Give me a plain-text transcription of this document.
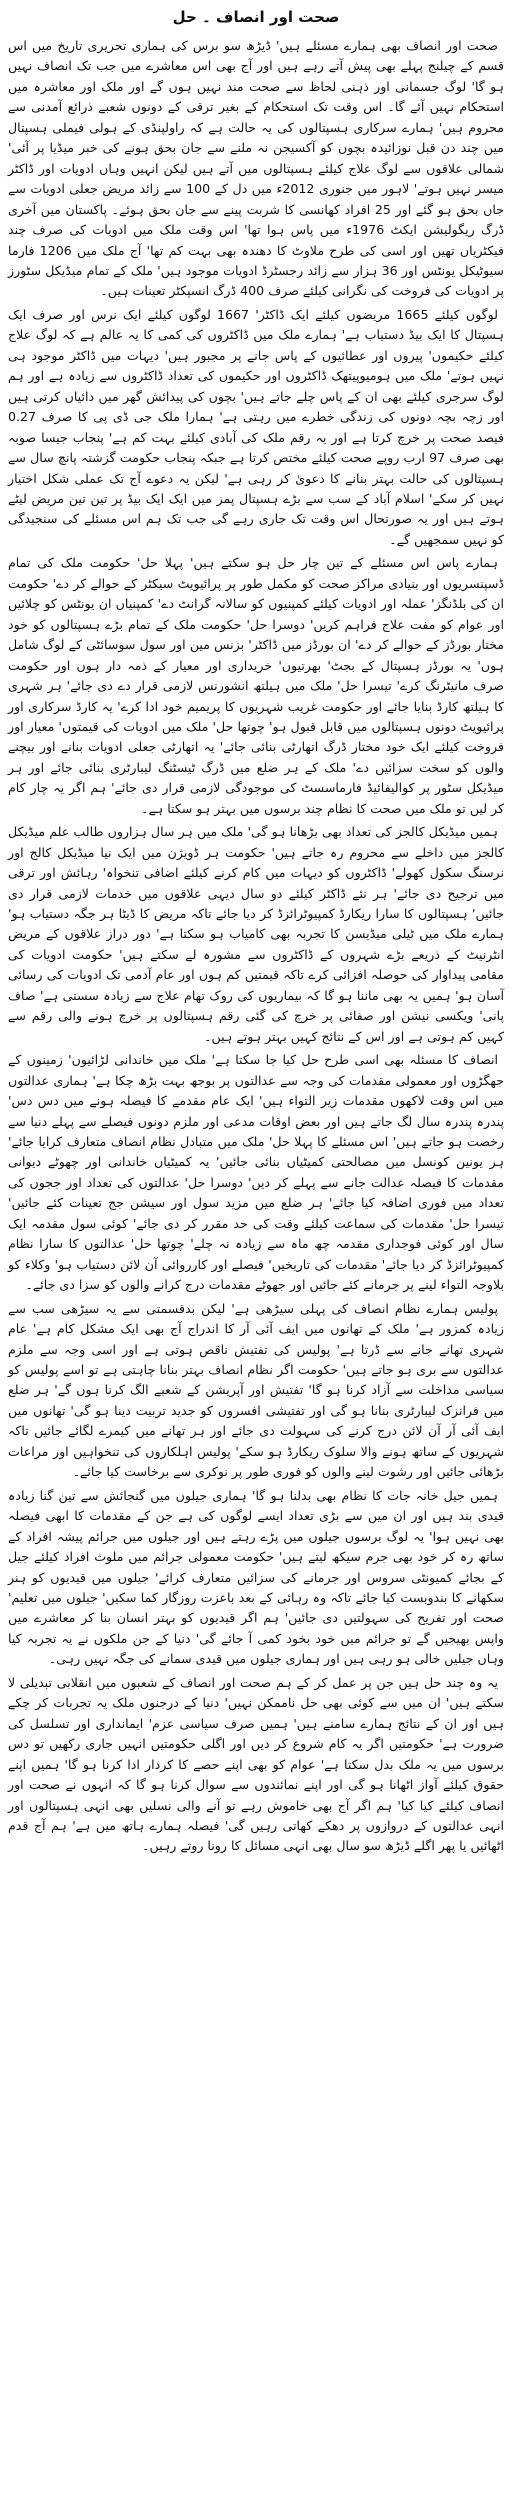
صحت اور انصاف ۔ حل

صحت اور انصاف بھی ہمارے مسئلے ہیں' ڈیڑھ سو برس کی ہماری تحریری تاریخ میں اس قسم کے چیلنج پہلے بھی پیش آتے رہے ہیں اور آج بھی اس معاشرے میں جب تک انصاف نہیں ہو گا' لوگ جسمانی اور ذہنی لحاظ سے صحت مند نہیں ہوں گے اور ملک اور معاشرہ میں استحکام نہیں آئے گا۔ اس وقت تک استحکام کے بغیر ترقی کے دونوں شعبے ذرائع آمدنی سے محروم ہیں' ہمارے سرکاری ہسپتالوں کی یہ حالت ہے کہ راولپنڈی کے ہولی فیملی ہسپتال میں چند دن قبل نوزائیدہ بچوں کو آکسیجن نہ ملنے سے جان بحق ہونے کی خبر میڈیا پر آئی' شمالی علاقوں سے لوگ علاج کیلئے ہسپتالوں میں آتے ہیں لیکن انہیں وہاں ادویات اور ڈاکٹر میسر نہیں ہوتے' لاہور میں جنوری 2012ء میں دل کے 100 سے زائد مریض جعلی ادویات سے جاں بحق ہو گئے اور 25 افراد کھانسی کا شربت پینے سے جان بحق ہوئے۔ پاکستان میں آخری ڈرگ ریگولیشن ایکٹ 1976ء میں پاس ہوا تھا' اس وقت ملک میں ادویات کی صرف چند فیکٹریاں تھیں اور اسی کی طرح ملاوٹ کا دھندہ بھی بہت کم تھا' آج ملک میں 1206 فارما سیوٹیکل یونٹس اور 36 ہزار سے زائد رجسٹرڈ ادویات موجود ہیں' ملک کے تمام میڈیکل سٹورز پر ادویات کی فروخت کی نگرانی کیلئے صرف 400 ڈرگ انسپکٹر تعینات ہیں۔

لوگوں کیلئے 1665 مریضوں کیلئے ایک ڈاکٹر' 1667 لوگوں کیلئے ایک نرس اور صرف ایک ہسپتال کا ایک بیڈ دستیاب ہے' ہمارے ملک میں ڈاکٹروں کی کمی کا یہ عالم ہے کہ لوگ علاج کیلئے حکیموں' پیروں اور عطائیوں کے پاس جانے پر مجبور ہیں' دیہات میں ڈاکٹر موجود ہی نہیں ہوتے' ملک میں ہومیوپیتھک ڈاکٹروں اور حکیموں کی تعداد ڈاکٹروں سے زیادہ ہے اور ہم لوگ سرجری کیلئے بھی ان کے پاس چلے جاتے ہیں' بچوں کی پیدائش گھر میں دائیاں کرتی ہیں اور زچہ بچہ دونوں کی زندگی خطرے میں رہتی ہے' ہمارا ملک جی ڈی پی کا صرف 0.27 فیصد صحت پر خرچ کرتا ہے اور یہ رقم ملک کی آبادی کیلئے بہت کم ہے' پنجاب جیسا صوبہ بھی صرف 97 ارب روپے صحت کیلئے مختص کرتا ہے جبکہ پنجاب حکومت گزشتہ پانچ سال سے ہسپتالوں کی حالت بہتر بنانے کا دعویٰ کر رہی ہے' لیکن یہ دعوے آج تک عملی شکل اختیار نہیں کر سکے' اسلام آباد کے سب سے بڑے ہسپتال پمز میں ایک ایک بیڈ پر تین تین مریض لیٹے ہوتے ہیں اور یہ صورتحال اس وقت تک جاری رہے گی جب تک ہم اس مسئلے کی سنجیدگی کو نہیں سمجھیں گے۔

ہمارے پاس اس مسئلے کے تین چار حل ہو سکتے ہیں' پہلا حل' حکومت ملک کی تمام ڈسپنسریوں اور بنیادی مراکز صحت کو مکمل طور پر پرائیویٹ سیکٹر کے حوالے کر دے' حکومت ان کی بلڈنگز' عملہ اور ادویات کیلئے کمپنیوں کو سالانہ گرانٹ دے' کمپنیاں ان یونٹس کو چلائیں اور عوام کو مفت علاج فراہم کریں' دوسرا حل' حکومت ملک کے تمام بڑے ہسپتالوں کو خود مختار بورڈز کے حوالے کر دے' ان بورڈز میں ڈاکٹر' بزنس مین اور سول سوسائٹی کے لوگ شامل ہوں' یہ بورڈز ہسپتال کے بجٹ' بھرتیوں' خریداری اور معیار کے ذمہ دار ہوں اور حکومت صرف مانیٹرنگ کرے' تیسرا حل' ملک میں ہیلتھ انشورنس لازمی قرار دے دی جائے' ہر شہری کا ہیلتھ کارڈ بنایا جائے اور حکومت غریب شہریوں کا پریمیم خود ادا کرے' یہ کارڈ سرکاری اور پرائیویٹ دونوں ہسپتالوں میں قابل قبول ہو' چوتھا حل' ملک میں ادویات کی قیمتوں' معیار اور فروخت کیلئے ایک خود مختار ڈرگ اتھارٹی بنائی جائے' یہ اتھارٹی جعلی ادویات بنانے اور بیچنے والوں کو سخت سزائیں دے' ملک کے ہر ضلع میں ڈرگ ٹیسٹنگ لیبارٹری بنائی جائے اور ہر میڈیکل سٹور پر کوالیفائیڈ فارماسسٹ کی موجودگی لازمی قرار دی جائے' ہم اگر یہ چار کام کر لیں تو ملک میں صحت کا نظام چند برسوں میں بہتر ہو سکتا ہے۔

ہمیں میڈیکل کالجز کی تعداد بھی بڑھانا ہو گی' ملک میں ہر سال ہزاروں طالب علم میڈیکل کالجز میں داخلے سے محروم رہ جاتے ہیں' حکومت ہر ڈویژن میں ایک نیا میڈیکل کالج اور نرسنگ سکول کھولے' ڈاکٹروں کو دیہات میں کام کرنے کیلئے اضافی تنخواہ' رہائش اور ترقی میں ترجیح دی جائے' ہر نئے ڈاکٹر کیلئے دو سال دیہی علاقوں میں خدمات لازمی قرار دی جائیں' ہسپتالوں کا سارا ریکارڈ کمپیوٹرائزڈ کر دیا جائے تاکہ مریض کا ڈیٹا ہر جگہ دستیاب ہو' ہمارے ملک میں ٹیلی میڈیسن کا تجربہ بھی کامیاب ہو سکتا ہے' دور دراز علاقوں کے مریض انٹرنیٹ کے ذریعے بڑے شہروں کے ڈاکٹروں سے مشورہ لے سکتے ہیں' حکومت ادویات کی مقامی پیداوار کی حوصلہ افزائی کرے تاکہ قیمتیں کم ہوں اور عام آدمی تک ادویات کی رسائی آسان ہو' ہمیں یہ بھی ماننا ہو گا کہ بیماریوں کی روک تھام علاج سے زیادہ سستی ہے' صاف پانی' ویکسی نیشن اور صفائی پر خرچ کی گئی رقم ہسپتالوں پر خرچ ہونے والی رقم سے کہیں کم ہوتی ہے اور اس کے نتائج کہیں بہتر ہوتے ہیں۔

انصاف کا مسئلہ بھی اسی طرح حل کیا جا سکتا ہے' ملک میں خاندانی لڑائیوں' زمینوں کے جھگڑوں اور معمولی مقدمات کی وجہ سے عدالتوں پر بوجھ بہت بڑھ چکا ہے' ہماری عدالتوں میں اس وقت لاکھوں مقدمات زیر التواء ہیں' ایک عام مقدمے کا فیصلہ ہونے میں دس دس' پندرہ پندرہ سال لگ جاتے ہیں اور بعض اوقات مدعی اور ملزم دونوں فیصلے سے پہلے دنیا سے رخصت ہو جاتے ہیں' اس مسئلے کا پہلا حل' ملک میں متبادل نظام انصاف متعارف کرایا جائے' ہر یونین کونسل میں مصالحتی کمیٹیاں بنائی جائیں' یہ کمیٹیاں خاندانی اور چھوٹے دیوانی مقدمات کا فیصلہ عدالت جانے سے پہلے کر دیں' دوسرا حل' عدالتوں کی تعداد اور ججوں کی تعداد میں فوری اضافہ کیا جائے' ہر ضلع میں مزید سول اور سیشن جج تعینات کئے جائیں' تیسرا حل' مقدمات کی سماعت کیلئے وقت کی حد مقرر کر دی جائے' کوئی سول مقدمہ ایک سال اور کوئی فوجداری مقدمہ چھ ماہ سے زیادہ نہ چلے' چوتھا حل' عدالتوں کا سارا نظام کمپیوٹرائزڈ کر دیا جائے' مقدمات کی تاریخیں' فیصلے اور کارروائی آن لائن دستیاب ہو' وکلاء کو بلاوجہ التواء لینے پر جرمانے کئے جائیں اور جھوٹے مقدمات درج کرانے والوں کو سزا دی جائے۔

پولیس ہمارے نظام انصاف کی پہلی سیڑھی ہے' لیکن بدقسمتی سے یہ سیڑھی سب سے زیادہ کمزور ہے' ملک کے تھانوں میں ایف آئی آر کا اندراج آج بھی ایک مشکل کام ہے' عام شہری تھانے جانے سے ڈرتا ہے' پولیس کی تفتیش ناقص ہوتی ہے اور اسی وجہ سے ملزم عدالتوں سے بری ہو جاتے ہیں' حکومت اگر نظام انصاف بہتر بنانا چاہتی ہے تو اسے پولیس کو سیاسی مداخلت سے آزاد کرنا ہو گا' تفتیش اور آپریشن کے شعبے الگ کرنا ہوں گے' ہر ضلع میں فرانزک لیبارٹری بنانا ہو گی اور تفتیشی افسروں کو جدید تربیت دینا ہو گی' تھانوں میں ایف آئی آر آن لائن درج کرنے کی سہولت دی جائے اور ہر تھانے میں کیمرے لگائے جائیں تاکہ شہریوں کے ساتھ ہونے والا سلوک ریکارڈ ہو سکے' پولیس اہلکاروں کی تنخواہیں اور مراعات بڑھائی جائیں اور رشوت لینے والوں کو فوری طور پر نوکری سے برخاست کیا جائے۔

ہمیں جیل خانہ جات کا نظام بھی بدلنا ہو گا' ہماری جیلوں میں گنجائش سے تین گنا زیادہ قیدی بند ہیں اور ان میں سے بڑی تعداد ایسے لوگوں کی ہے جن کے مقدمات کا ابھی فیصلہ بھی نہیں ہوا' یہ لوگ برسوں جیلوں میں پڑے رہتے ہیں اور جیلوں میں جرائم پیشہ افراد کے ساتھ رہ کر خود بھی جرم سیکھ لیتے ہیں' حکومت معمولی جرائم میں ملوث افراد کیلئے جیل کے بجائے کمیونٹی سروس اور جرمانے کی سزائیں متعارف کرائے' جیلوں میں قیدیوں کو ہنر سکھانے کا بندوبست کیا جائے تاکہ وہ رہائی کے بعد باعزت روزگار کما سکیں' جیلوں میں تعلیم' صحت اور تفریح کی سہولتیں دی جائیں' ہم اگر قیدیوں کو بہتر انسان بنا کر معاشرے میں واپس بھیجیں گے تو جرائم میں خود بخود کمی آ جائے گی' دنیا کے جن ملکوں نے یہ تجربہ کیا وہاں جیلیں خالی ہو رہی ہیں اور ہماری جیلوں میں قیدی سمانے کی جگہ نہیں رہی۔

یہ وہ چند حل ہیں جن پر عمل کر کے ہم صحت اور انصاف کے شعبوں میں انقلابی تبدیلی لا سکتے ہیں' ان میں سے کوئی بھی حل ناممکن نہیں' دنیا کے درجنوں ملک یہ تجربات کر چکے ہیں اور ان کے نتائج ہمارے سامنے ہیں' ہمیں صرف سیاسی عزم' ایمانداری اور تسلسل کی ضرورت ہے' حکومتیں اگر یہ کام شروع کر دیں اور اگلی حکومتیں انہیں جاری رکھیں تو دس برسوں میں یہ ملک بدل سکتا ہے' عوام کو بھی اپنے حصے کا کردار ادا کرنا ہو گا' ہمیں اپنے حقوق کیلئے آواز اٹھانا ہو گی اور اپنے نمائندوں سے سوال کرنا ہو گا کہ انہوں نے صحت اور انصاف کیلئے کیا کیا' ہم اگر آج بھی خاموش رہے تو آنے والی نسلیں بھی انہی ہسپتالوں اور انہی عدالتوں کے دروازوں پر دھکے کھاتی رہیں گی' فیصلہ ہمارے ہاتھ میں ہے' ہم آج قدم اٹھائیں یا پھر اگلے ڈیڑھ سو سال بھی انہی مسائل کا رونا روتے رہیں۔
